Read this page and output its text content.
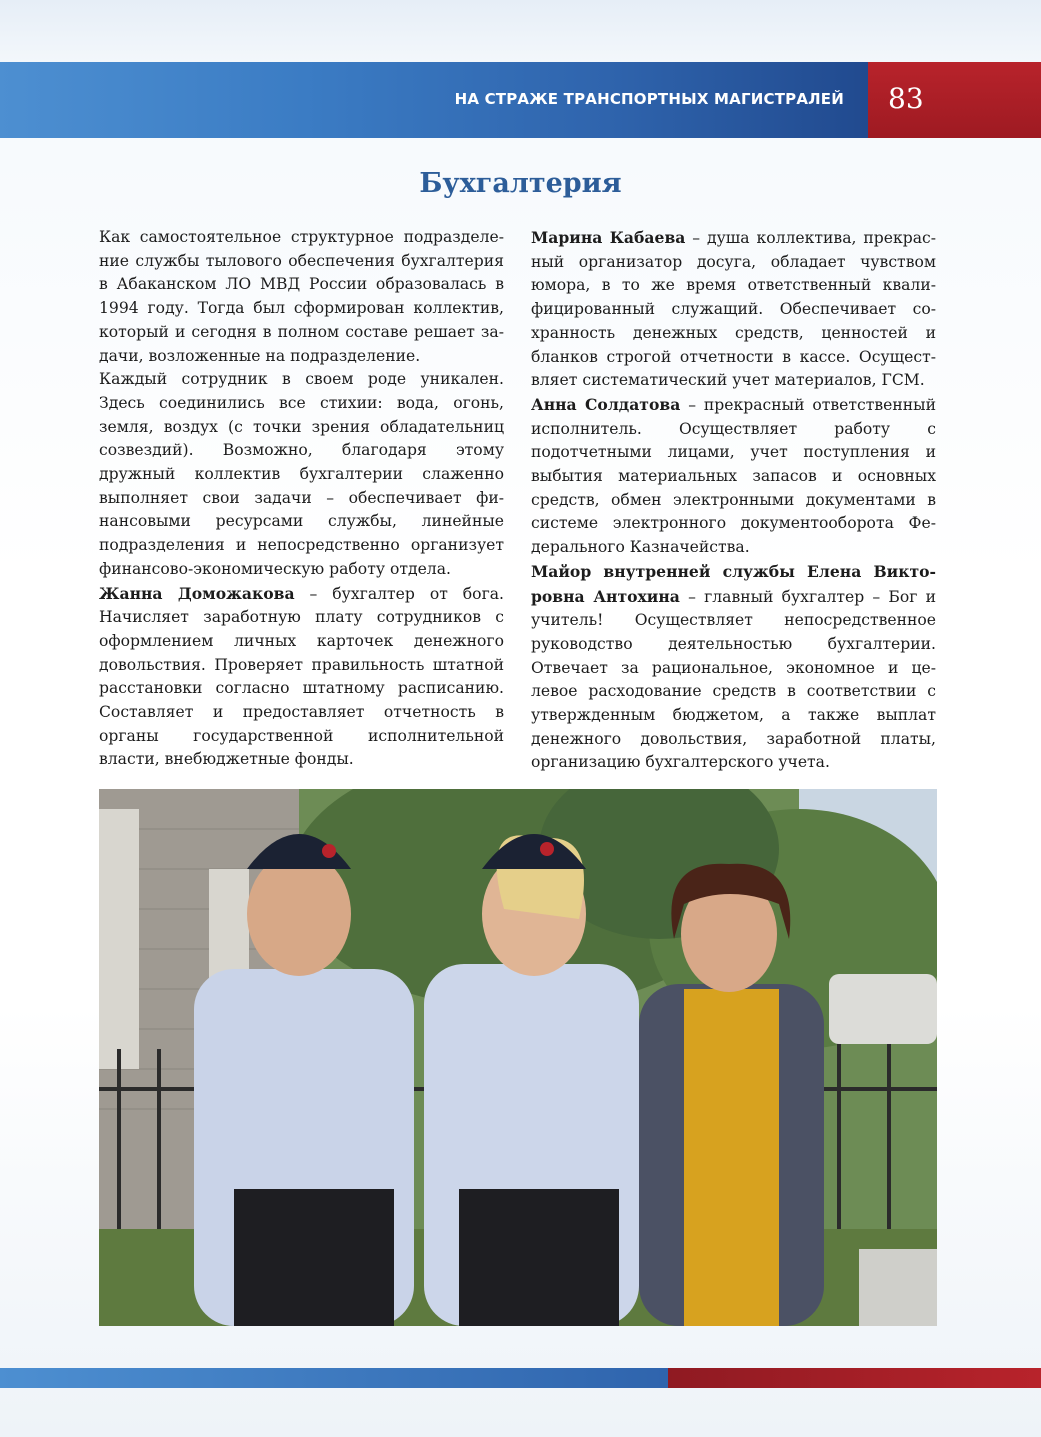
НА СТРАЖЕ ТРАНСПОРТНЫХ МАГИСТРАЛЕЙ 83
Бухгалтерия

Как самостоятельное структурное подразделение службы тылового обеспечения бухгалтерия в Абаканском ЛО МВД России образовалась в 1994 году. Тогда был сформирован коллектив, который и сегодня в полном составе решает задачи, возложенные на подразделение.

Каждый сотрудник в своем роде уникален. Здесь соединились все стихии: вода, огонь, земля, воздух (с точки зрения обладательниц созвездий). Возможно, благодаря этому дружный коллектив бухгалтерии слаженно выполняет свои задачи – обеспечивает финансовыми ресурсами службы, линейные подразделения и непосредственно организует финансово-экономическую работу отдела.

Жанна Доможакова – бухгалтер от бога. Начисляет заработную плату сотрудников с оформлением личных карточек денежного довольствия. Проверяет правильность штатной расстановки согласно штатному расписанию. Составляет и предоставляет отчетность в органы государственной исполнительной власти, внебюджетные фонды.

Марина Кабаева – душа коллектива, прекрасный организатор досуга, обладает чувством юмора, в то же время ответственный квалифицированный служащий. Обеспечивает сохранность денежных средств, ценностей и бланков строгой отчетности в кассе. Осуществляет систематический учет материалов, ГСМ.

Анна Солдатова – прекрасный ответственный исполнитель. Осуществляет работу с подотчетными лицами, учет поступления и выбытия материальных запасов и основных средств, обмен электронными документами в системе электронного документооборота Федерального Казначейства.

Майор внутренней службы Елена Викторовна Антохина – главный бухгалтер – Бог и учитель! Осуществляет непосредственное руководство деятельностью бухгалтерии. Отвечает за рациональное, экономное и целевое расходование средств в соответствии с утвержденным бюджетом, а также выплат денежного довольствия, заработной платы, организацию бухгалтерского учета.
